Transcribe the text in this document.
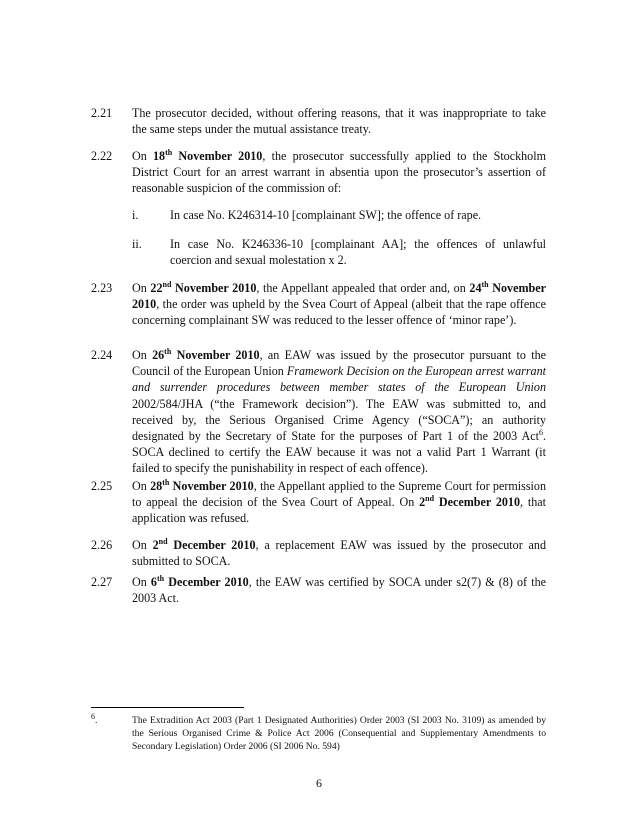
2.21 The prosecutor decided, without offering reasons, that it was inappropriate to take the same steps under the mutual assistance treaty.
2.22 On 18th November 2010, the prosecutor successfully applied to the Stockholm District Court for an arrest warrant in absentia upon the prosecutor’s assertion of reasonable suspicion of the commission of:
i.	In case No. K246314-10 [complainant SW]; the offence of rape.
ii. In case No. K246336-10 [complainant AA]; the offences of unlawful coercion and sexual molestation x 2.
2.23 On 22nd November 2010, the Appellant appealed that order and, on 24th November 2010, the order was upheld by the Svea Court of Appeal (albeit that the rape offence concerning complainant SW was reduced to the lesser offence of ‘minor rape’).
2.24 On 26th November 2010, an EAW was issued by the prosecutor pursuant to the Council of the European Union Framework Decision on the European arrest warrant and surrender procedures between member states of the European Union 2002/584/JHA (“the Framework decision”). The EAW was submitted to, and received by, the Serious Organised Crime Agency (“SOCA”); an authority designated by the Secretary of State for the purposes of Part 1 of the 2003 Act$^6$. SOCA declined to certify the EAW because it was not a valid Part 1 Warrant (it failed to specify the punishability in respect of each offence).
2.25 On 28th November 2010, the Appellant applied to the Supreme Court for permission to appeal the decision of the Svea Court of Appeal. On 2nd December 2010, that application was refused.
2.26 On 2nd December 2010, a replacement EAW was issued by the prosecutor and submitted to SOCA.
2.27 On 6th December 2010, the EAW was certified by SOCA under s2(7) & (8) of the 2003 Act.
$^6$.	The Extradition Act 2003 (Part 1 Designated Authorities) Order 2003 (SI 2003 No. 3109) as amended by the Serious Organised Crime & Police Act 2006 (Consequential and Supplementary Amendments to Secondary Legislation) Order 2006 (SI 2006 No. 594)
6
